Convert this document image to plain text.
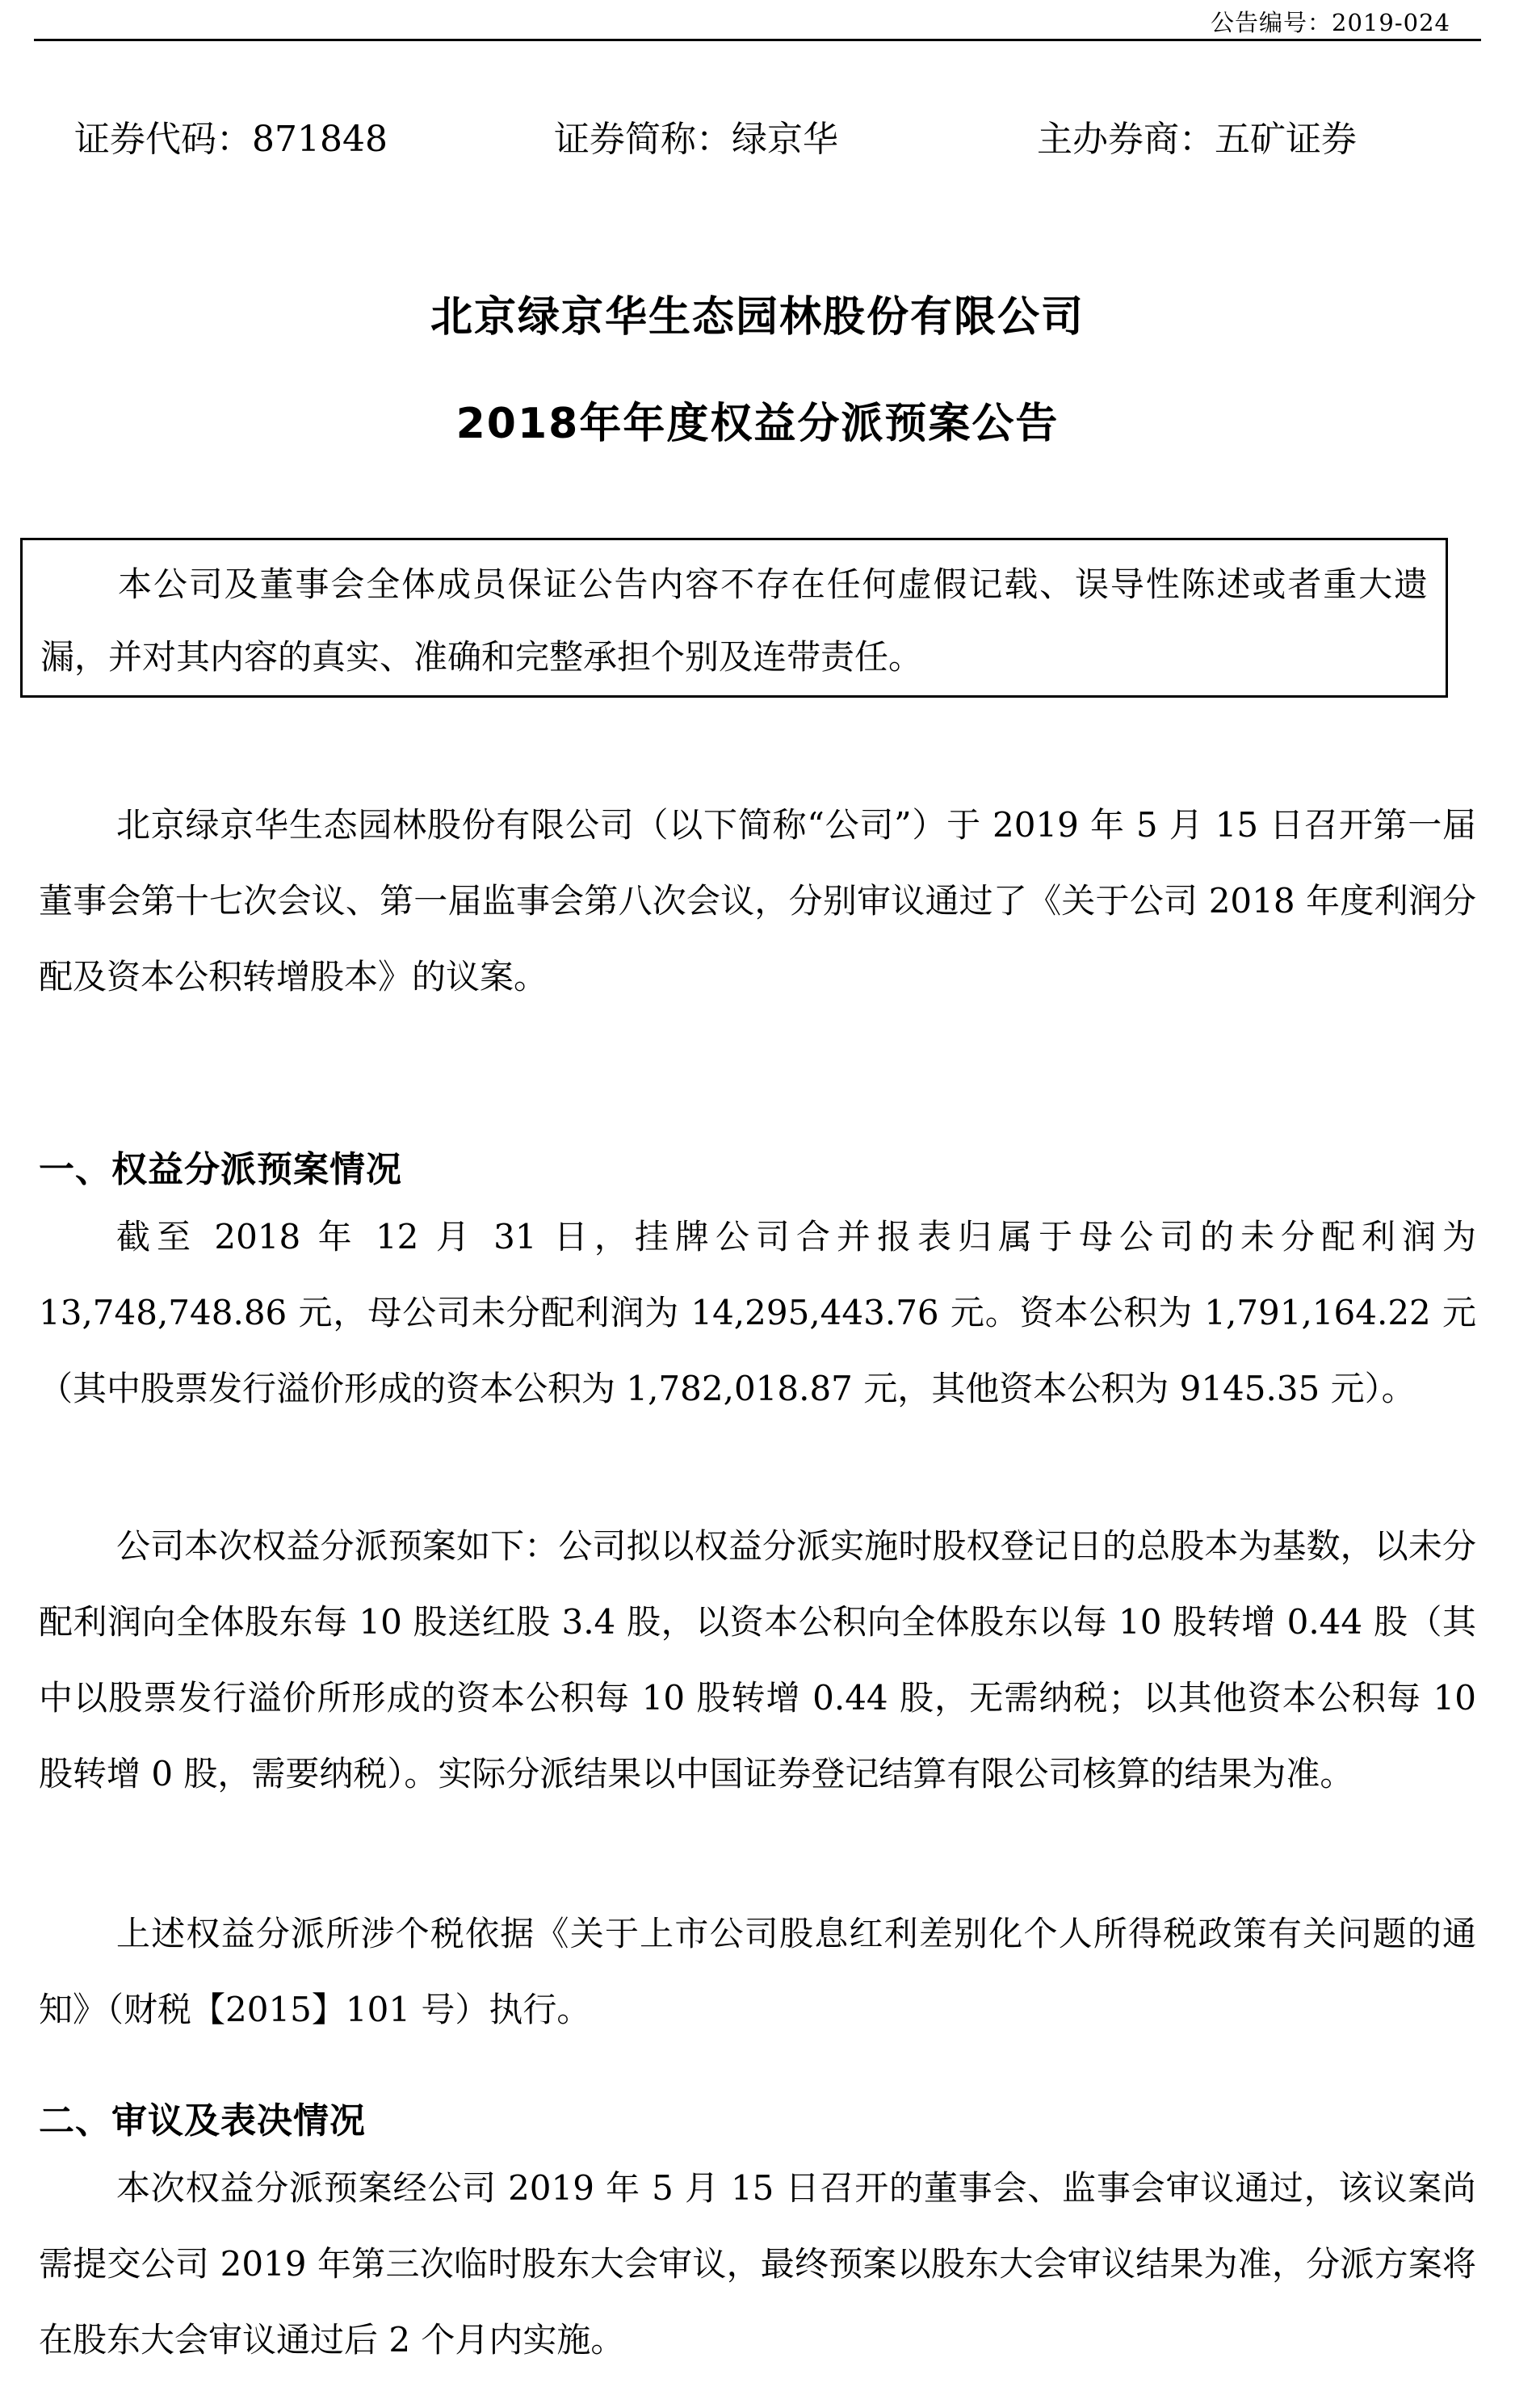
公告编号：2019-024
证券代码：871848	证券简称：绿京华	主办券商：五矿证券
北京绿京华生态园林股份有限公司
2018年年度权益分派预案公告
本公司及董事会全体成员保证公告内容不存在任何虚假记载、误导性陈述或者重大遗漏，并对其内容的真实、准确和完整承担个别及连带责任。
北京绿京华生态园林股份有限公司（以下简称“公司”）于 2019 年 5 月 15 日召开第一届董事会第十七次会议、第一届监事会第八次会议，分别审议通过了《关于公司 2018 年度利润分配及资本公积转增股本》的议案。
一、权益分派预案情况
截至 2018 年 12 月 31 日，挂牌公司合并报表归属于母公司的未分配利润为 13,748,748.86 元，母公司未分配利润为 14,295,443.76 元。资本公积为 1,791,164.22 元（其中股票发行溢价形成的资本公积为 1,782,018.87 元，其他资本公积为 9145.35 元）。
公司本次权益分派预案如下：公司拟以权益分派实施时股权登记日的总股本为基数，以未分配利润向全体股东每 10 股送红股 3.4 股，以资本公积向全体股东以每 10 股转增 0.44 股（其中以股票发行溢价所形成的资本公积每 10 股转增 0.44 股，无需纳税；以其他资本公积每 10 股转增 0 股，需要纳税）。实际分派结果以中国证券登记结算有限公司核算的结果为准。
上述权益分派所涉个税依据《关于上市公司股息红利差别化个人所得税政策有关问题的通知》（财税【2015】101 号）执行。
二、审议及表决情况
本次权益分派预案经公司 2019 年 5 月 15 日召开的董事会、监事会审议通过，该议案尚需提交公司 2019 年第三次临时股东大会审议，最终预案以股东大会审议结果为准，分派方案将在股东大会审议通过后 2 个月内实施。
